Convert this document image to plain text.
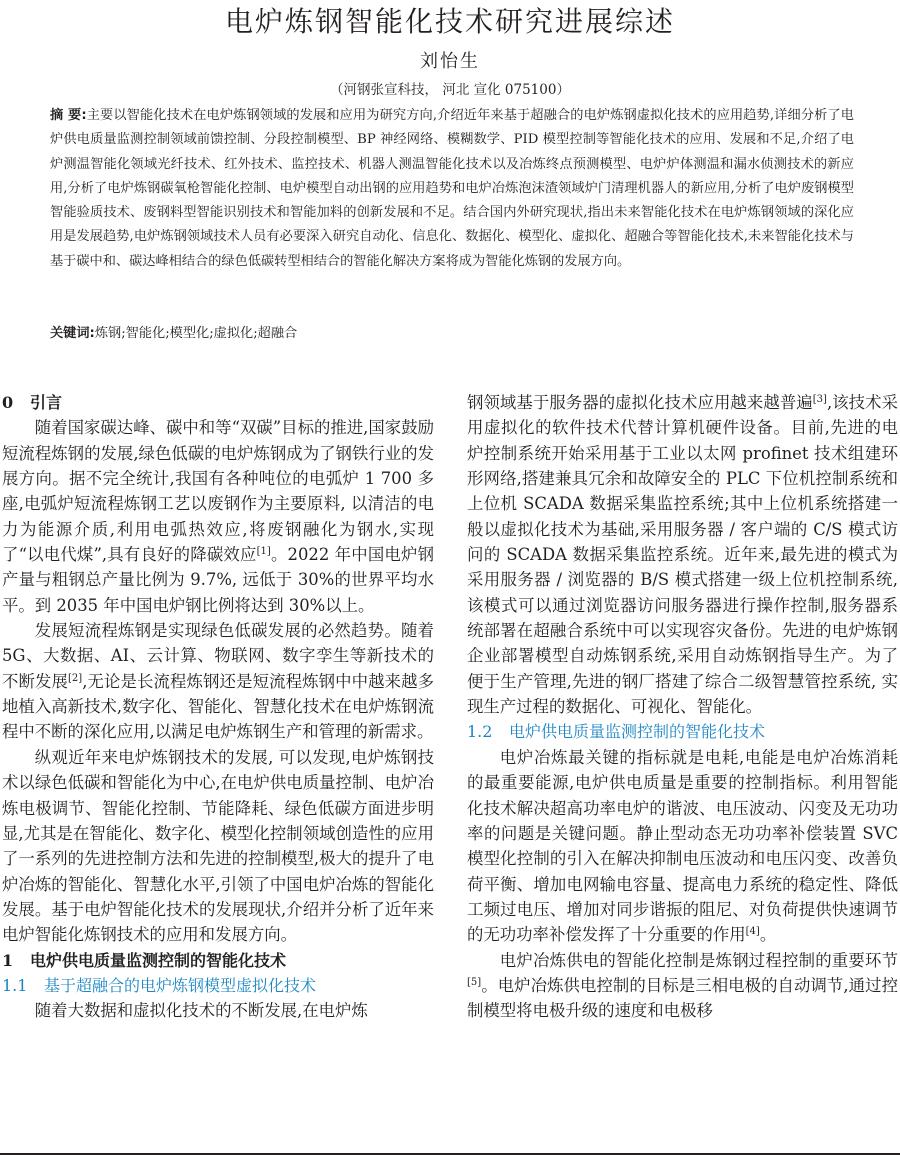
电炉炼钢智能化技术研究进展综述
刘怡生
（河钢张宣科技， 河北 宣化 075100）
摘 要:主要以智能化技术在电炉炼钢领域的发展和应用为研究方向,介绍近年来基于超融合的电炉炼钢虚拟化技术的应用趋势,详细分析了电炉供电质量监测控制领域前馈控制、分段控制模型、BP 神经网络、模糊数学、PID 模型控制等智能化技术的应用、发展和不足,介绍了电炉测温智能化领域光纤技术、红外技术、监控技术、机器人测温智能化技术以及冶炼终点预测模型、电炉炉体测温和漏水侦测技术的新应用,分析了电炉炼钢碳氧枪智能化控制、电炉模型自动出钢的应用趋势和电炉冶炼泡沫渣领域炉门清理机器人的新应用,分析了电炉废钢模型智能验质技术、废钢料型智能识别技术和智能加料的创新发展和不足。结合国内外研究现状,指出未来智能化技术在电炉炼钢领域的深化应用是发展趋势,电炉炼钢领域技术人员有必要深入研究自动化、信息化、数据化、模型化、虚拟化、超融合等智能化技术,未来智能化技术与基于碳中和、碳达峰相结合的绿色低碳转型相结合的智能化解决方案将成为智能化炼钢的发展方向。
关键词:炼钢;智能化;模型化;虚拟化;超融合
0 引言

随着国家碳达峰、碳中和等“双碳”目标的推进,国家鼓励短流程炼钢的发展,绿色低碳的电炉炼钢成为了钢铁行业的发展方向。据不完全统计,我国有各种吨位的电弧炉 1 700 多座,电弧炉短流程炼钢工艺以废钢作为主要原料, 以清洁的电力为能源介质,利用电弧热效应,将废钢融化为钢水,实现了“以电代煤”,具有良好的降碳效应[1]。2022 年中国电炉钢产量与粗钢总产量比例为 9.7%, 远低于 30%的世界平均水平。到 2035 年中国电炉钢比例将达到 30%以上。

发展短流程炼钢是实现绿色低碳发展的必然趋势。随着 5G、大数据、AI、云计算、物联网、数字孪生等新技术的不断发展[2],无论是长流程炼钢还是短流程炼钢中中越来越多地植入高新技术,数字化、智能化、智慧化技术在电炉炼钢流程中不断的深化应用,以满足电炉炼钢生产和管理的新需求。

纵观近年来电炉炼钢技术的发展, 可以发现,电炉炼钢技术以绿色低碳和智能化为中心,在电炉供电质量控制、电炉冶炼电极调节、智能化控制、节能降耗、绿色低碳方面进步明显,尤其是在智能化、数字化、模型化控制领域创造性的应用了一系列的先进控制方法和先进的控制模型,极大的提升了电炉冶炼的智能化、智慧化水平,引领了中国电炉冶炼的智能化发展。基于电炉智能化技术的发展现状,介绍并分析了近年来电炉智能化炼钢技术的应用和发展方向。

1 电炉供电质量监测控制的智能化技术
1.1 基于超融合的电炉炼钢模型虚拟化技术

随着大数据和虚拟化技术的不断发展,在电炉炼

钢领域基于服务器的虚拟化技术应用越来越普遍[3],该技术采用虚拟化的软件技术代替计算机硬件设备。目前,先进的电炉控制系统开始采用基于工业以太网 profinet 技术组建环形网络,搭建兼具冗余和故障安全的 PLC 下位机控制系统和上位机 SCADA 数据采集监控系统;其中上位机系统搭建一般以虚拟化技术为基础,采用服务器 / 客户端的 C/S 模式访问的 SCADA 数据采集监控系统。近年来,最先进的模式为采用服务器 / 浏览器的 B/S 模式搭建一级上位机控制系统,该模式可以通过浏览器访问服务器进行操作控制,服务器系统部署在超融合系统中可以实现容灾备份。先进的电炉炼钢企业部署模型自动炼钢系统,采用自动炼钢指导生产。为了便于生产管理,先进的钢厂搭建了综合二级智慧管控系统, 实现生产过程的数据化、可视化、智能化。

1.2 电炉供电质量监测控制的智能化技术

电炉冶炼最关键的指标就是电耗,电能是电炉冶炼消耗的最重要能源,电炉供电质量是重要的控制指标。利用智能化技术解决超高功率电炉的谐波、电压波动、闪变及无功功率的问题是关键问题。静止型动态无功功率补偿装置 SVC 模型化控制的引入在解决抑制电压波动和电压闪变、改善负荷平衡、增加电网输电容量、提高电力系统的稳定性、降低工频过电压、增加对同步谐振的阻尼、对负荷提供快速调节的无功功率补偿发挥了十分重要的作用[4]。

电炉冶炼供电的智能化控制是炼钢过程控制的重要环节[5]。电炉冶炼供电控制的目标是三相电极的自动调节,通过控制模型将电极升级的速度和电极移
